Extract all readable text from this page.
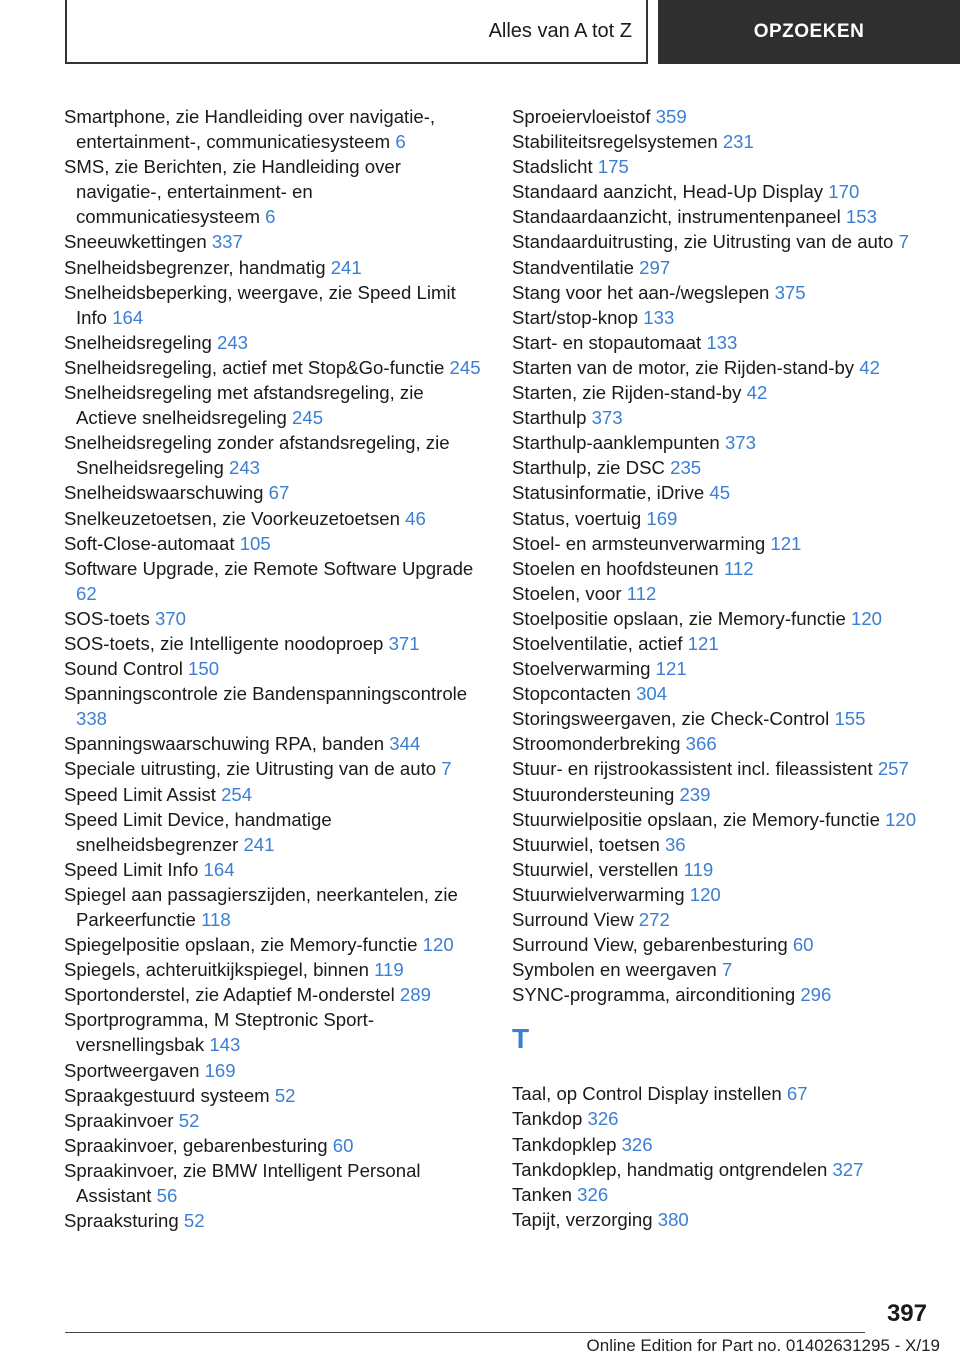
Alles van A tot Z	OPZOEKEN
Smartphone, zie Handleiding over navigatie-, entertainment-, communicatiesysteem 6
SMS, zie Berichten, zie Handleiding over navigatie-, entertainment- en communicatiesysteem 6
Sneeuwkettingen 337
Snelheidsbegrenzer, handmatig 241
Snelheidsbeperking, weergave, zie Speed Limit Info 164
Snelheidsregeling 243
Snelheidsregeling, actief met Stop&Go-functie 245
Snelheidsregeling met afstandsregeling, zie Actieve snelheidsregeling 245
Snelheidsregeling zonder afstandsregeling, zie Snelheidsregeling 243
Snelheidswaarschuwing 67
Snelkeuzetoetsen, zie Voorkeuzetoetsen 46
Soft-Close-automaat 105
Software Upgrade, zie Remote Software Upgrade 62
SOS-toets 370
SOS-toets, zie Intelligente noodoproep 371
Sound Control 150
Spanningscontrole zie Bandenspanningscontrole 338
Spanningswaarschuwing RPA, banden 344
Speciale uitrusting, zie Uitrusting van de auto 7
Speed Limit Assist 254
Speed Limit Device, handmatige snelheidsbegrenzer 241
Speed Limit Info 164
Spiegel aan passagierszijden, neerkantelen, zie Parkeerfunctie 118
Spiegelpositie opslaan, zie Memory-functie 120
Spiegels, achteruitkijkspiegel, binnen 119
Sportonderstel, zie Adaptief M-onderstel 289
Sportprogramma, M Steptronic Sport-versnellingsbak 143
Sportweergaven 169
Spraakgestuurd systeem 52
Spraakinvoer 52
Spraakinvoer, gebarenbesturing 60
Spraakinvoer, zie BMW Intelligent Personal Assistant 56
Spraaksturing 52
Sproeiervloeistof 359
Stabiliteitsregelsystemen 231
Stadslicht 175
Standaard aanzicht, Head-Up Display 170
Standaardaanzicht, instrumentenpaneel 153
Standaarduitrusting, zie Uitrusting van de auto 7
Standventilatie 297
Stang voor het aan-/wegslepen 375
Start/stop-knop 133
Start- en stopautomaat 133
Starten van de motor, zie Rijden-stand-by 42
Starten, zie Rijden-stand-by 42
Starthulp 373
Starthulp-aanklempunten 373
Starthulp, zie DSC 235
Statusinformatie, iDrive 45
Status, voertuig 169
Stoel- en armsteunverwarming 121
Stoelen en hoofdsteunen 112
Stoelen, voor 112
Stoelpositie opslaan, zie Memory-functie 120
Stoelventilatie, actief 121
Stoelverwarming 121
Stopcontacten 304
Storingsweergaven, zie Check-Control 155
Stroomonderbreking 366
Stuur- en rijstrookassistent incl. fileassistent 257
Stuurondersteuning 239
Stuurwielpositie opslaan, zie Memory-functie 120
Stuurwiel, toetsen 36
Stuurwiel, verstellen 119
Stuurwielverwarming 120
Surround View 272
Surround View, gebarenbesturing 60
Symbolen en weergaven 7
SYNC-programma, airconditioning 296
T
Taal, op Control Display instellen 67
Tankdop 326
Tankdopklep 326
Tankdopklep, handmatig ontgrendelen 327
Tanken 326
Tapijt, verzorging 380
397
Online Edition for Part no. 01402631295 - X/19
